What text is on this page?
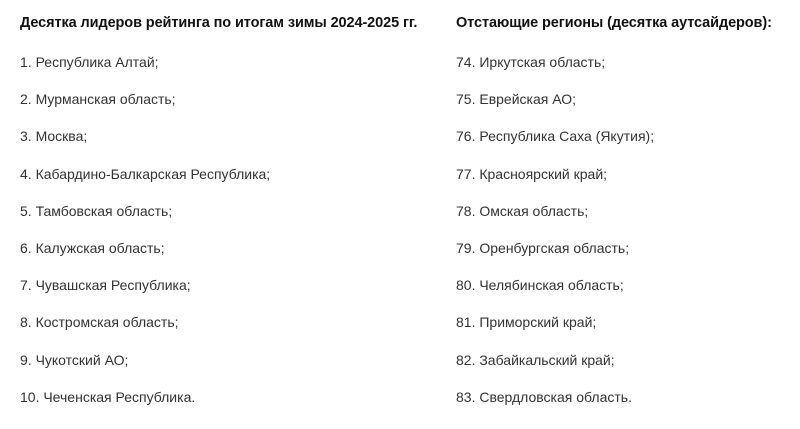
Десятка лидеров рейтинга по итогам зимы 2024-2025 гг.
1. Республика Алтай;
2. Мурманская область;
3. Москва;
4. Кабардино-Балкарская Республика;
5. Тамбовская область;
6. Калужская область;
7. Чувашская Республика;
8. Костромская область;
9. Чукотский АО;
10. Чеченская Республика.
Отстающие регионы (десятка аутсайдеров):
74. Иркутская область;
75. Еврейская АО;
76. Республика Саха (Якутия);
77. Красноярский край;
78. Омская область;
79. Оренбургская область;
80. Челябинская область;
81. Приморский край;
82. Забайкальский край;
83. Свердловская область.
